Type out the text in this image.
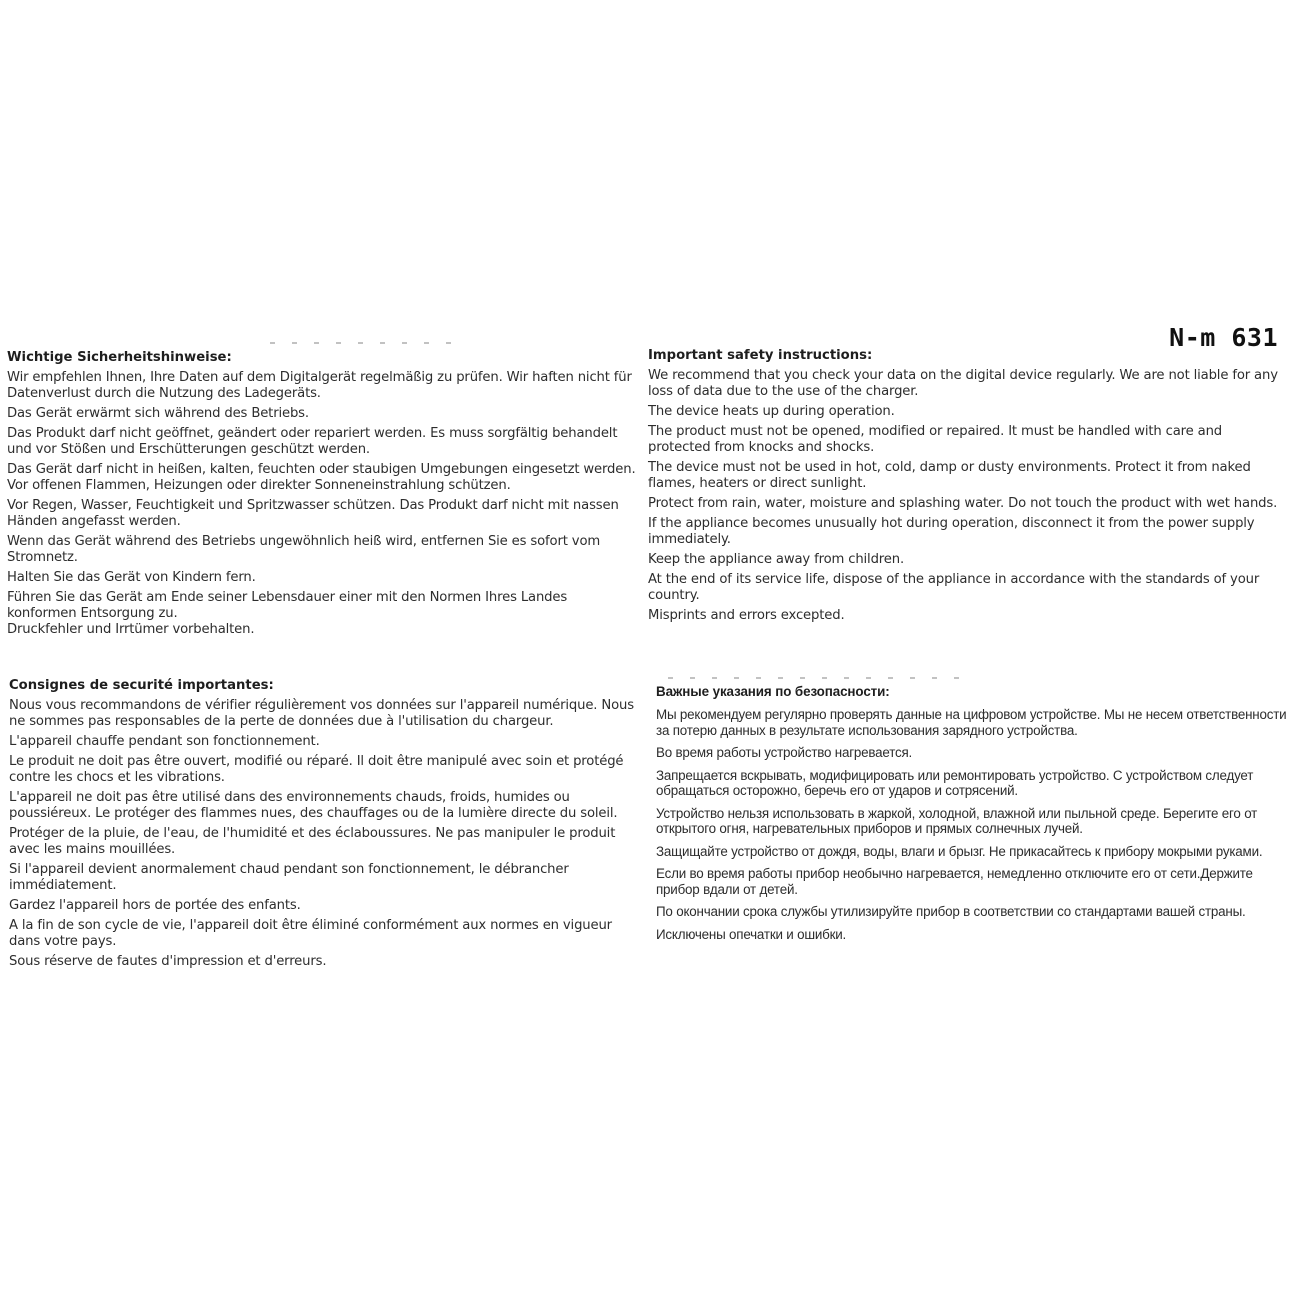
N-m 631
Wichtige Sicherheitshinweise:

Wir empfehlen Ihnen, Ihre Daten auf dem Digitalgerät regelmäßig zu prüfen. Wir haften nicht für Datenverlust durch die Nutzung des Ladegeräts.

Das Gerät erwärmt sich während des Betriebs.

Das Produkt darf nicht geöffnet, geändert oder repariert werden. Es muss sorgfältig behandelt und vor Stößen und Erschütterungen geschützt werden.

Das Gerät darf nicht in heißen, kalten, feuchten oder staubigen Umgebungen eingesetzt werden. Vor offenen Flammen, Heizungen oder direkter Sonneneinstrahlung schützen.

Vor Regen, Wasser, Feuchtigkeit und Spritzwasser schützen. Das Produkt darf nicht mit nassen Händen angefasst werden.

Wenn das Gerät während des Betriebs ungewöhnlich heiß wird, entfernen Sie es sofort vom Stromnetz.

Halten Sie das Gerät von Kindern fern.

Führen Sie das Gerät am Ende seiner Lebensdauer einer mit den Normen Ihres Landes konformen Entsorgung zu.

Druckfehler und Irrtümer vorbehalten.

Important safety instructions:

We recommend that you check your data on the digital device regularly. We are not liable for any loss of data due to the use of the charger.

The device heats up during operation.

The product must not be opened, modified or repaired. It must be handled with care and protected from knocks and shocks.

The device must not be used in hot, cold, damp or dusty environments. Protect it from naked flames, heaters or direct sunlight.

Protect from rain, water, moisture and splashing water. Do not touch the product with wet hands.

If the appliance becomes unusually hot during operation, disconnect it from the power supply immediately.

Keep the appliance away from children.

At the end of its service life, dispose of the appliance in accordance with the standards of your country.

Misprints and errors excepted.

Consignes de securité importantes:

Nous vous recommandons de vérifier régulièrement vos données sur l'appareil numérique. Nous ne sommes pas responsables de la perte de données due à l'utilisation du chargeur.

L'appareil chauffe pendant son fonctionnement.

Le produit ne doit pas être ouvert, modifié ou réparé. Il doit être manipulé avec soin et protégé contre les chocs et les vibrations.

L'appareil ne doit pas être utilisé dans des environnements chauds, froids, humides ou poussiéreux. Le protéger des flammes nues, des chauffages ou de la lumière directe du soleil.

Protéger de la pluie, de l'eau, de l'humidité et des éclaboussures. Ne pas manipuler le produit avec les mains mouillées.

Si l'appareil devient anormalement chaud pendant son fonctionnement, le débrancher immédiatement.

Gardez l'appareil hors de portée des enfants.

A la fin de son cycle de vie, l'appareil doit être éliminé conformément aux normes en vigueur dans votre pays.

Sous réserve de fautes d'impression et d'erreurs.

Важные указания по безопасности:

Мы рекомендуем регулярно проверять данные на цифровом устройстве. Мы не несем ответственности за потерю данных в результате использования зарядного устройства.

Во время работы устройство нагревается.

Запрещается вскрывать, модифицировать или ремонтировать устройство. С устройством следует обращаться осторожно, беречь его от ударов и сотрясений.

Устройство нельзя использовать в жаркой, холодной, влажной или пыльной среде. Берегите его от открытого огня, нагревательных приборов и прямых солнечных лучей.

Защищайте устройство от дождя, воды, влаги и брызг. Не прикасайтесь к прибору мокрыми руками.

Если во время работы прибор необычно нагревается, немедленно отключите его от сети.Держите прибор вдали от детей.

По окончании срока службы утилизируйте прибор в соответствии со стандартами вашей страны.

Исключены опечатки и ошибки.
